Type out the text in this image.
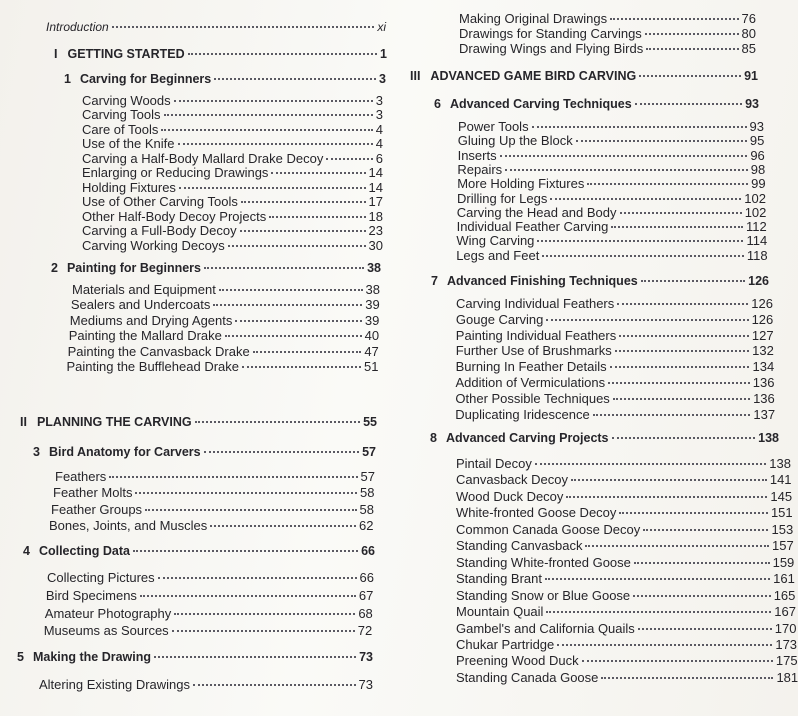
Introduction	xi
I GETTING STARTED	1
1 Carving for Beginners	3
Carving Woods	3
Carving Tools	3
Care of Tools	4
Use of the Knife	4
Carving a Half-Body Mallard Drake Decoy	6
Enlarging or Reducing Drawings	14
Holding Fixtures	14
Use of Other Carving Tools	17
Other Half-Body Decoy Projects	18
Carving a Full-Body Decoy	23
Carving Working Decoys	30
2 Painting for Beginners	38
Materials and Equipment	38
Sealers and Undercoats	39
Mediums and Drying Agents	39
Painting the Mallard Drake	40
Painting the Canvasback Drake	47
Painting the Bufflehead Drake	51
II PLANNING THE CARVING	55
3 Bird Anatomy for Carvers	57
Feathers	57
Feather Molts	58
Feather Groups	58
Bones, Joints, and Muscles	62
4 Collecting Data	66
Collecting Pictures	66
Bird Specimens	67
Amateur Photography	68
Museums as Sources	72
5 Making the Drawing	73
Altering Existing Drawings	73
Making Original Drawings	76
Drawings for Standing Carvings	80
Drawing Wings and Flying Birds	85
III ADVANCED GAME BIRD CARVING	91
6 Advanced Carving Techniques	93
Power Tools	93
Gluing Up the Block	95
Inserts	96
Repairs	98
More Holding Fixtures	99
Drilling for Legs	102
Carving the Head and Body	102
Individual Feather Carving	112
Wing Carving	114
Legs and Feet	118
7 Advanced Finishing Techniques	126
Carving Individual Feathers	126
Gouge Carving	126
Painting Individual Feathers	127
Further Use of Brushmarks	132
Burning In Feather Details	134
Addition of Vermiculations	136
Other Possible Techniques	136
Duplicating Iridescence	137
8 Advanced Carving Projects	138
Pintail Decoy	138
Canvasback Decoy	141
Wood Duck Decoy	145
White-fronted Goose Decoy	151
Common Canada Goose Decoy	153
Standing Canvasback	157
Standing White-fronted Goose	159
Standing Brant	161
Standing Snow or Blue Goose	165
Mountain Quail	167
Gambel's and California Quails	170
Chukar Partridge	173
Preening Wood Duck	175
Standing Canada Goose	181
